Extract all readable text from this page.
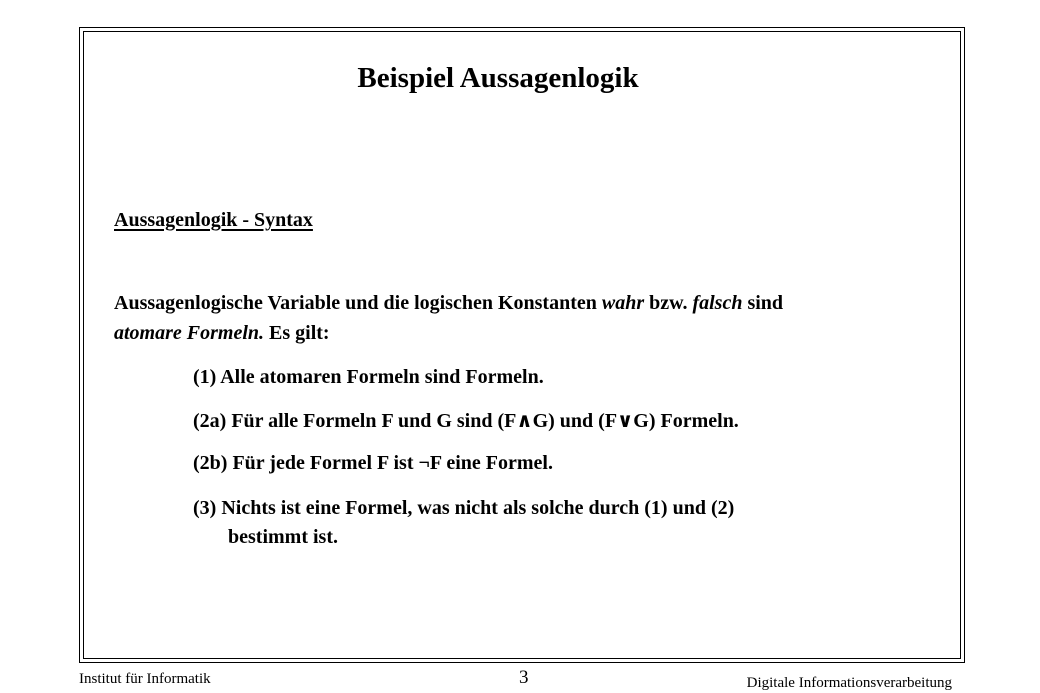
Beispiel Aussagenlogik
Aussagenlogik - Syntax
Aussagenlogische Variable und die logischen Konstanten wahr bzw. falsch sind
atomare Formeln. Es gilt:
(1) Alle atomaren Formeln sind Formeln.
(2a) Für alle Formeln F und G sind (F∧G) und (F∨G) Formeln.
(2b) Für jede Formel F ist ¬F eine Formel.
(3) Nichts ist eine Formel, was nicht als solche durch (1) und (2)
bestimmt ist.
Institut für Informatik	3	Digitale Informationsverarbeitung
